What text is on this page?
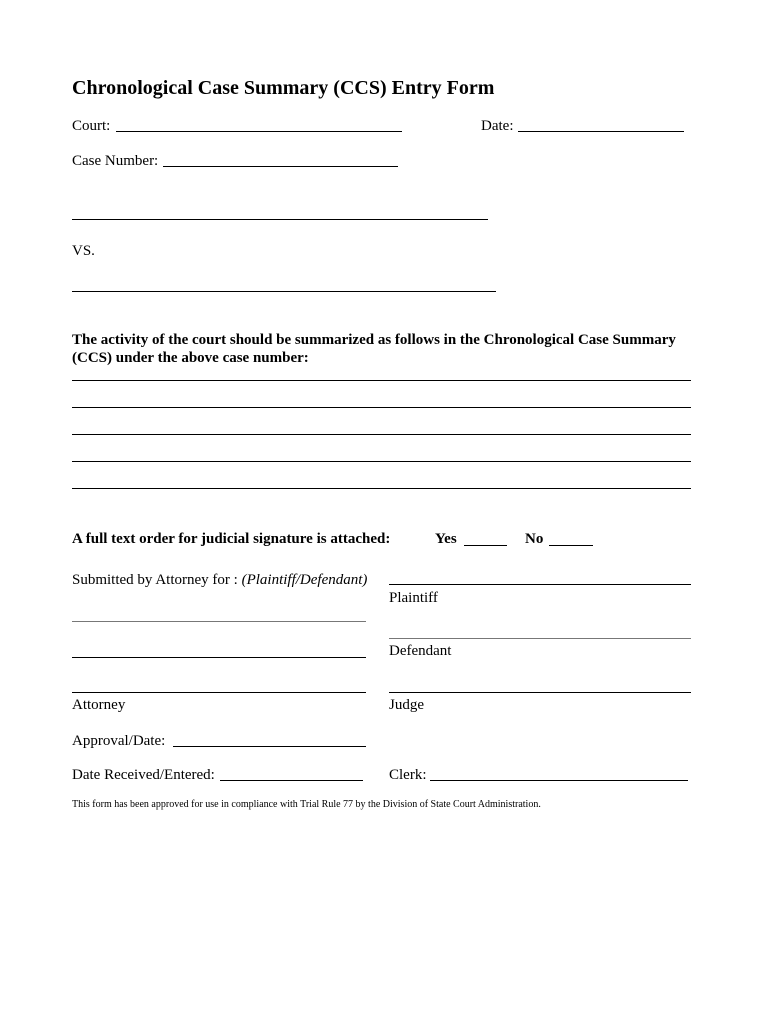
Chronological Case Summary (CCS) Entry Form
Court:	Date:
Case Number:
VS.
The activity of the court should be summarized as follows in the Chronological Case Summary
(CCS) under the above case number:
A full text order for judicial signature is attached:	Yes	No
Submitted by Attorney for : (Plaintiff/Defendant)
Plaintiff
Defendant
Attorney	Judge
Approval/Date:
Date Received/Entered:	Clerk:
This form has been approved for use in compliance with Trial Rule 77 by the Division of State Court Administration.
